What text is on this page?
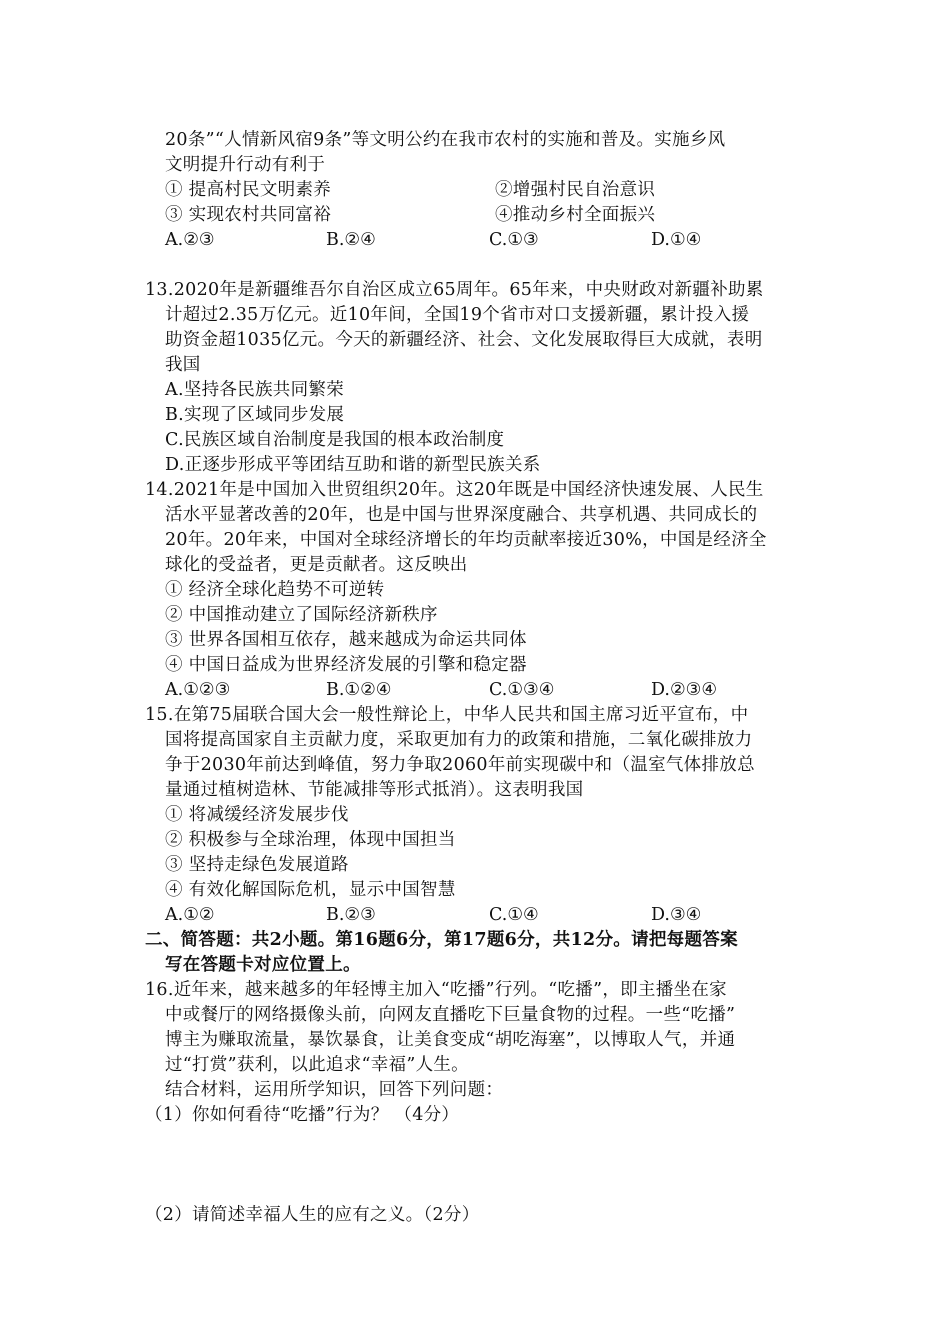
20条”“人情新风宿9条”等文明公约在我市农村的实施和普及。实施乡风
文明提升行动有利于
① 提高村民文明素养	②增强村民自治意识
③ 实现农村共同富裕	④推动乡村全面振兴
A.②③	B.②④	C.①③	D.①④
13.2020年是新疆维吾尔自治区成立65周年。65年来，中央财政对新疆补助累
计超过2.35万亿元。近10年间，全国19个省市对口支援新疆，累计投入援
助资金超1035亿元。今天的新疆经济、社会、文化发展取得巨大成就，表明
我国
A.坚持各民族共同繁荣
B.实现了区域同步发展
C.民族区域自治制度是我国的根本政治制度
D.正逐步形成平等团结互助和谐的新型民族关系
14.2021年是中国加入世贸组织20年。这20年既是中国经济快速发展、人民生
活水平显著改善的20年，也是中国与世界深度融合、共享机遇、共同成长的
20年。20年来，中国对全球经济增长的年均贡献率接近30%，中国是经济全
球化的受益者，更是贡献者。这反映出
① 经济全球化趋势不可逆转
② 中国推动建立了国际经济新秩序
③ 世界各国相互依存，越来越成为命运共同体
④ 中国日益成为世界经济发展的引擎和稳定器
A.①②③	B.①②④	C.①③④	D.②③④
15.在第75届联合国大会一般性辩论上，中华人民共和国主席习近平宣布，中
国将提高国家自主贡献力度，采取更加有力的政策和措施，二氧化碳排放力
争于2030年前达到峰值，努力争取2060年前实现碳中和（温室气体排放总
量通过植树造林、节能减排等形式抵消）。这表明我国
① 将减缓经济发展步伐
② 积极参与全球治理，体现中国担当
③ 坚持走绿色发展道路
④ 有效化解国际危机，显示中国智慧
A.①②	B.②③	C.①④	D.③④
二、简答题：共2小题。第16题6分，第17题6分，共12分。请把每题答案
写在答题卡对应位置上。
16.近年来，越来越多的年轻博主加入“吃播”行列。“吃播”，即主播坐在家
中或餐厅的网络摄像头前，向网友直播吃下巨量食物的过程。一些“吃播”
博主为赚取流量，暴饮暴食，让美食变成“胡吃海塞”，以博取人气，并通
过“打赏”获利，以此追求“幸福”人生。
结合材料，运用所学知识，回答下列问题：
（1）你如何看待“吃播”行为？ （4分）
（2）请简述幸福人生的应有之义。（2分）
